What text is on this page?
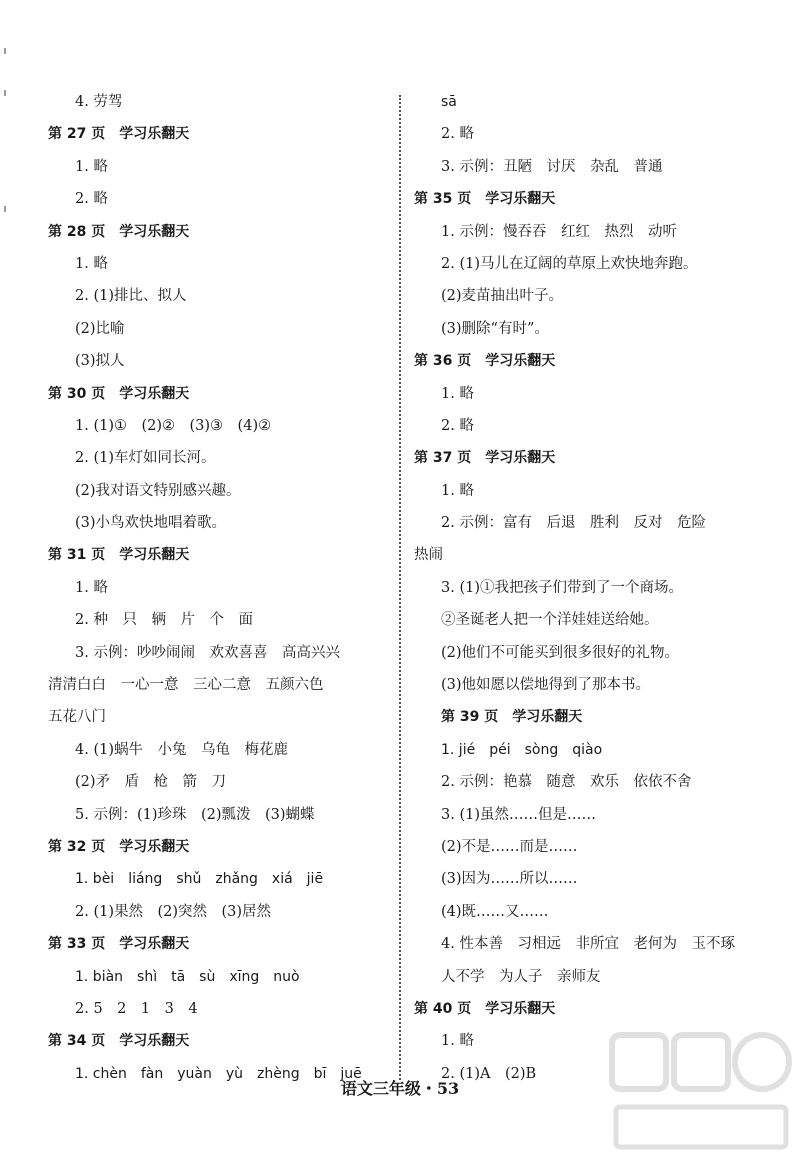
4. 劳驾
第 27 页　学习乐翻天
1. 略
2. 略
第 28 页　学习乐翻天
1. 略
2. (1)排比、拟人
(2)比喻
(3)拟人
第 30 页　学习乐翻天
1. (1)①　(2)②　(3)③　(4)②
2. (1)车灯如同长河。
(2)我对语文特别感兴趣。
(3)小鸟欢快地唱着歌。
第 31 页　学习乐翻天
1. 略
2. 种　只　辆　片　个　面
3. 示例：吵吵闹闹　欢欢喜喜　高高兴兴
清清白白　一心一意　三心二意　五颜六色
五花八门
4. (1)蜗牛　小兔　乌龟　梅花鹿
(2)矛　盾　枪　箭　刀
5. 示例：(1)珍珠　(2)瓢泼　(3)蝴蝶
第 32 页　学习乐翻天
1. bèi　liáng　shǔ　zhǎng　xiá　jiē
2. (1)果然　(2)突然　(3)居然
第 33 页　学习乐翻天
1. biàn　shì　tā　sù　xīng　nuò
2. 5　2　1　3　4
第 34 页　学习乐翻天
1. chèn　fàn　yuàn　yù　zhèng　bī　juē
sā
2. 略
3. 示例：丑陋　讨厌　杂乱　普通
第 35 页　学习乐翻天
1. 示例：慢吞吞　红红　热烈　动听
2. (1)马儿在辽阔的草原上欢快地奔跑。
(2)麦苗抽出叶子。
(3)删除“有时”。
第 36 页　学习乐翻天
1. 略
2. 略
第 37 页　学习乐翻天
1. 略
2. 示例：富有　后退　胜利　反对　危险
热闹
3. (1)①我把孩子们带到了一个商场。
②圣诞老人把一个洋娃娃送给她。
(2)他们不可能买到很多很好的礼物。
(3)他如愿以偿地得到了那本书。
第 39 页　学习乐翻天
1. jié　péi　sòng　qiào
2. 示例：艳慕　随意　欢乐　依依不舍
3. (1)虽然……但是……
(2)不是……而是……
(3)因为……所以……
(4)既……又……
4. 性本善　习相远　非所宜　老何为　玉不琢
人不学　为人子　亲师友
第 40 页　学习乐翻天
1. 略
2. (1)A　(2)B
语文三年级・53
